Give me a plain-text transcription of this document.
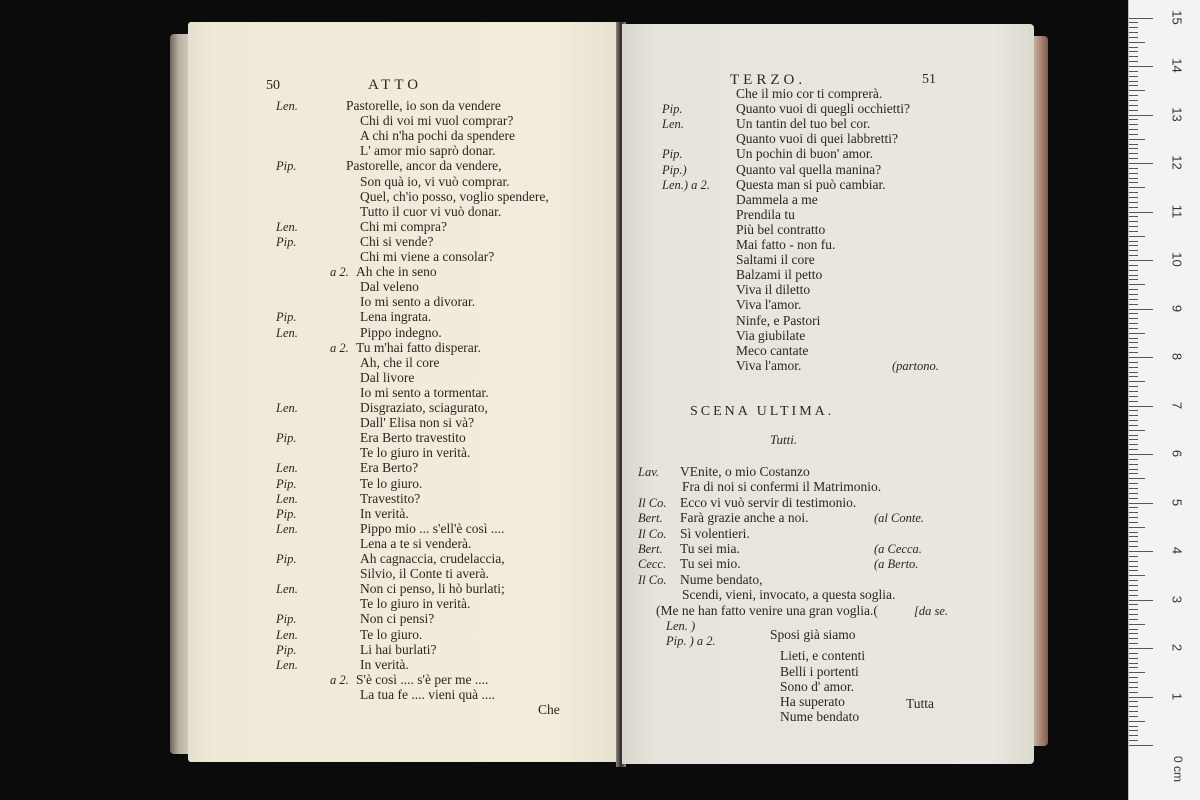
50	ATTO
Len.	Pastorelle, io son da vendere
Chi di voi mi vuol comprar?
A chi n'ha pochi da spendere
L' amor mio saprò donar.
Pip.	Pastorelle, ancor da vendere,
Son quà io, vi vuò comprar.
Quel, ch'io posso, voglio spendere,
Tutto il cuor vi vuò donar.
Len.	Chi mi compra?
Pip.	Chi si vende?
Chi mi viene a consolar?
a 2. Ah che in seno
Dal veleno
Io mi sento a divorar.
Pip.	Lena ingrata.
Len.	Pippo indegno.
a 2. Tu m'hai fatto disperar.
Ah, che il core
Dal livore
Io mi sento a tormentar.
Len.	Disgraziato, sciagurato,
Dall' Elisa non si và?
Pip.	Era Berto travestito
Te lo giuro in verità.
Len.	Era Berto?
Pip.	Te lo giuro.
Len.	Travestito?
Pip.	In verità.
Len.	Pippo mio ... s'ell'è così ....
Lena a te si venderà.
Pip.	Ah cagnaccia, crudelaccia,
Silvio, il Conte ti averà.
Len.	Non ci penso, li hò burlati;
Te lo giuro in verità.
Pip.	Non ci pensi?
Len.	Te lo giuro.
Pip.	Li hai burlati?
Len.	In verità.
a 2. S'è così .... s'è per me ....
La tua fe .... vieni quà ....
Che
TERZO.	51
Che il mio cor ti comprerà.
Pip.	Quanto vuoi di quegli occhietti?
Len.	Un tantin del tuo bel cor.
Quanto vuoi di quei labbretti?
Pip.	Un pochin di buon' amor.
Pip.)	Quanto val quella manina?
Len.) a 2. Questa man si può cambiar.
Dammela a me
Prendila tu
Più bel contratto
Mai fatto - non fu.
Saltami il core
Balzami il petto
Viva il diletto
Viva l'amor.
Ninfe, e Pastori
Via giubilate
Meco cantate
Viva l'amor.	(partono.
SCENA ULTIMA.
Tutti.
Lav. VEnite, o mio Costanzo
Fra di noi si confermi il Matrimonio.
Il Co. Ecco vi vuò servir di testimonio.
Bert. Farà grazie anche a noi.	(al Conte.
Il Co. Sì volentieri.
Bert. Tu sei mia.	(a Cecca.
Cecc. Tu sei mio.	(a Berto.
Il Co. Nume bendato,
Scendi, vieni, invocato, a questa soglia.
(Me ne han fatto venire una gran voglia.(	[da se.
Len. )
Pip. ) a 2.	Sposi già siamo
Lieti, e contenti
Belli i portenti
Sono d' amor.
Ha superato
Nume bendato
Tutta
0 cm
1
2
3
4
5
6
7
8
9
10
11
12
13
14
15
